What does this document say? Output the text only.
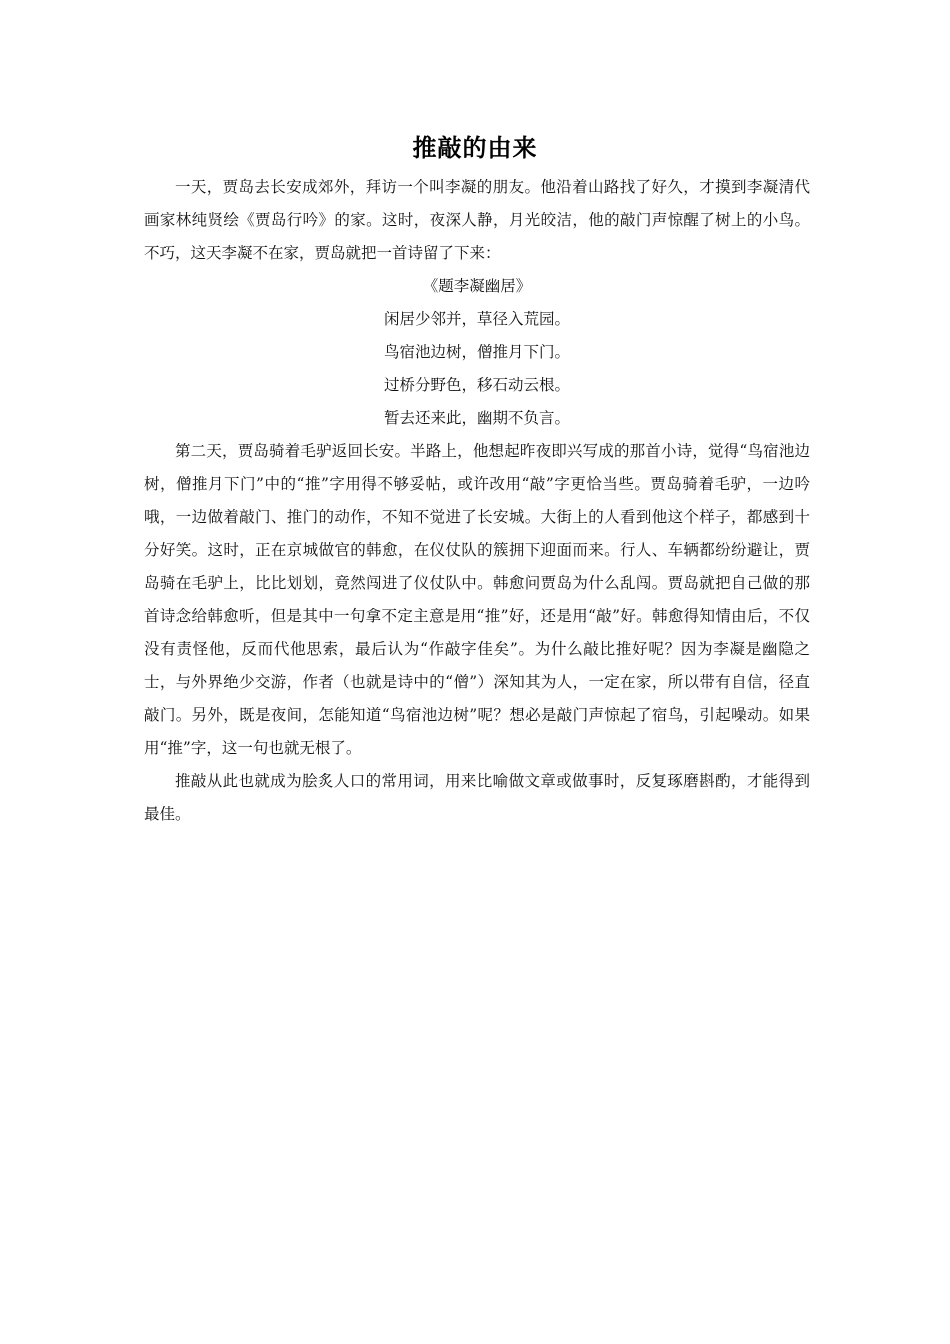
推敲的由来

一天，贾岛去长安成郊外，拜访一个叫李凝的朋友。他沿着山路找了好久，才摸到李凝清代画家林纯贤绘《贾岛行吟》的家。这时，夜深人静，月光皎洁，他的敲门声惊醒了树上的小鸟。不巧，这天李凝不在家，贾岛就把一首诗留了下来：

《题李凝幽居》

闲居少邻并，草径入荒园。

鸟宿池边树，僧推月下门。

过桥分野色，移石动云根。

暂去还来此，幽期不负言。

第二天，贾岛骑着毛驴返回长安。半路上，他想起昨夜即兴写成的那首小诗，觉得“鸟宿池边树，僧推月下门”中的“推”字用得不够妥帖，或许改用“敲”字更恰当些。贾岛骑着毛驴，一边吟哦，一边做着敲门、推门的动作，不知不觉进了长安城。大街上的人看到他这个样子，都感到十分好笑。这时，正在京城做官的韩愈，在仪仗队的簇拥下迎面而来。行人、车辆都纷纷避让，贾岛骑在毛驴上，比比划划，竟然闯进了仪仗队中。韩愈问贾岛为什么乱闯。贾岛就把自己做的那首诗念给韩愈听，但是其中一句拿不定主意是用“推”好，还是用“敲”好。韩愈得知情由后，不仅没有责怪他，反而代他思索，最后认为“作敲字佳矣”。为什么敲比推好呢？因为李凝是幽隐之士，与外界绝少交游，作者（也就是诗中的“僧”）深知其为人，一定在家，所以带有自信，径直敲门。另外，既是夜间，怎能知道“鸟宿池边树”呢？想必是敲门声惊起了宿鸟，引起噪动。如果用“推”字，这一句也就无根了。

推敲从此也就成为脍炙人口的常用词，用来比喻做文章或做事时，反复琢磨斟酌，才能得到最佳。
